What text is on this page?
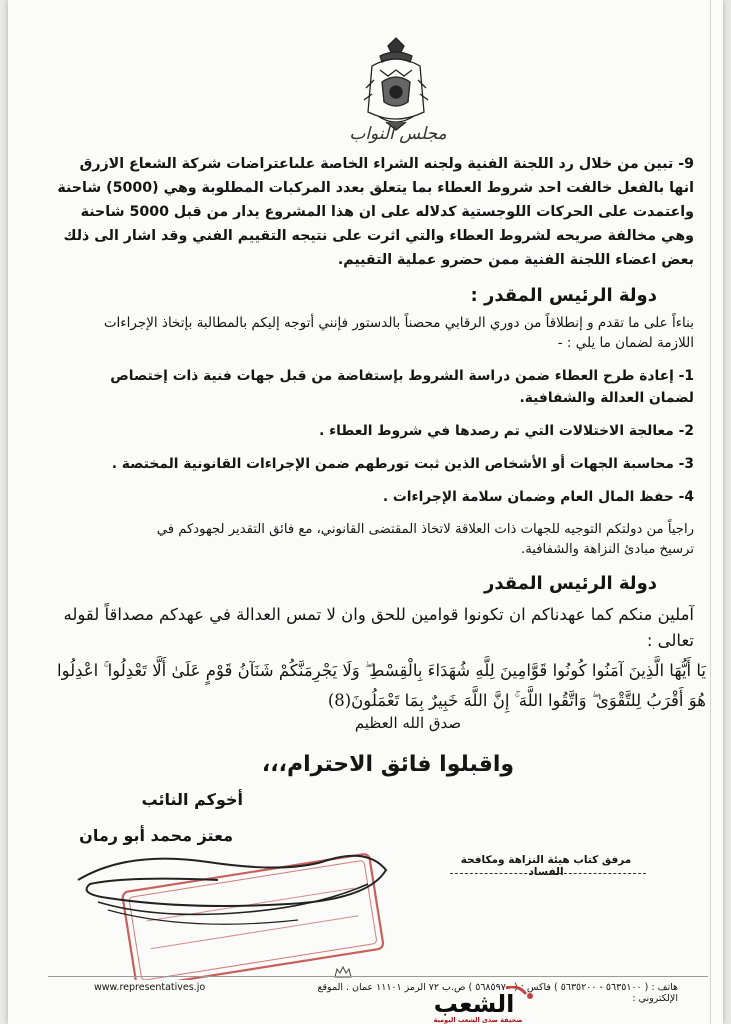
مجلس النواب
9- تبين من خلال رد اللجنة الفنية ولجنه الشراء الخاصة علىاعتراضات شركة الشعاع الازرق انها بالفعل خالفت احد شروط العطاء بما يتعلق بعدد المركبات المطلوبة وهي (5000) شاحنة واعتمدت على الحركات اللوجستية كدلاله على ان هذا المشروع يدار من قبل 5000 شاحنة وهي مخالفة صريحه لشروط العطاء والتي اثرت على نتيجه التقييم الفني وقد اشار الى ذلك بعض اعضاء اللجنة الفنية ممن حضرو عملية التقييم.
دولة الرئيس المقدر :
بناءاً على ما تقدم و إنطلاقاً من دوري الرقابي محصناً بالدستور فإنني أتوجه إليكم بالمطالبة بإتخاذ الإجراءات اللازمة لضمان ما يلي : -
1- إعادة طرح العطاء ضمن دراسة الشروط بإستفاضة من قبل جهات فنية ذات إختصاص لضمان العدالة والشفافية.
2- معالجة الاختلالات التي تم رصدها في شروط العطاء .
3- محاسبة الجهات أو الأشخاص الذين ثبت تورطهم ضمن الإجراءات القانونية المختصة .
4- حفظ المال العام وضمان سلامة الإجراءات .
راجياً من دولتكم التوجيه للجهات ذات العلاقة لاتخاذ المقتضى القانوني، مع فائق التقدير لجهودكم في ترسيخ مبادئ النزاهة والشفافية.
دولة الرئيس المقدر
آملين منكم كما عهدناكم ان تكونوا قوامين للحق وان لا تمس العدالة في عهدكم مصداقاً لقوله تعالى :
يَا أَيُّهَا الَّذِينَ آمَنُوا كُونُوا قَوَّامِينَ لِلَّهِ شُهَدَاءَ بِالْقِسْطِ ۖ وَلَا يَجْرِمَنَّكُمْ شَنَآنُ قَوْمٍ عَلَىٰ أَلَّا تَعْدِلُوا ۚ اعْدِلُوا هُوَ أَقْرَبُ لِلتَّقْوَىٰ ۖ وَاتَّقُوا اللَّهَ ۚ إِنَّ اللَّهَ خَبِيرٌ بِمَا تَعْمَلُونَ(8)
صدق الله العظيم
واقبلوا فائق الاحترام،،،
أخوكم النائب
معتز محمد أبو رمان
مرفق كتاب هيئة النزاهة ومكافحة الفساد
www.representatives.jo	هاتف : ( ٥٦٣٥١٠٠ - ٥٦٣٥٢٠٠ ) فاكس : ( ٥٦٨٥٩٧٠ ) ص.ب ٧٢ الرمز ١١١٠١ عمان . الموقع الإلكتروني :
الشعب
صحيفة صدى الشعب اليومية
